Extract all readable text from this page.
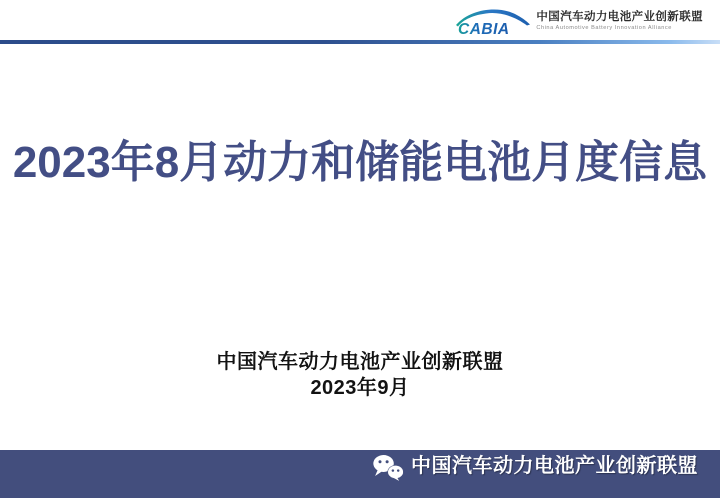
CABIA
中国汽车动力电池产业创新联盟
China Automotive Battery Innovation Alliance
2023年8月动力和储能电池月度信息
中国汽车动力电池产业创新联盟
2023年9月
中国汽车动力电池产业创新联盟
